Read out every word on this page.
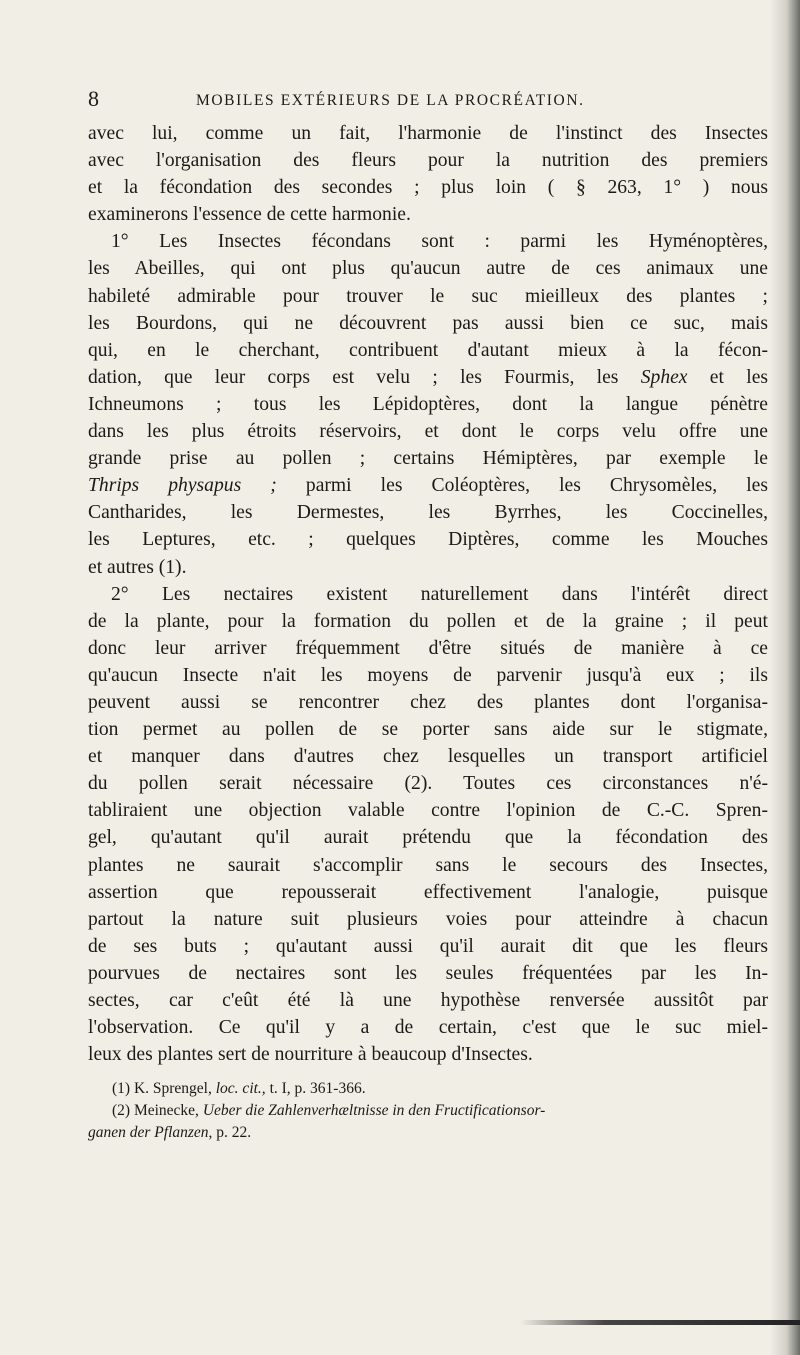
8	MOBILES EXTÉRIEURS DE LA PROCRÉATION.
avec lui, comme un fait, l'harmonie de l'instinct des Insectes
avec l'organisation des fleurs pour la nutrition des premiers
et la fécondation des secondes ; plus loin ( § 263, 1° ) nous
examinerons l'essence de cette harmonie.
1° Les Insectes fécondans sont : parmi les Hyménoptères,
les Abeilles, qui ont plus qu'aucun autre de ces animaux une
habileté admirable pour trouver le suc mieilleux des plantes ;
les Bourdons, qui ne découvrent pas aussi bien ce suc, mais
qui, en le cherchant, contribuent d'autant mieux à la fécon-
dation, que leur corps est velu ; les Fourmis, les Sphex et les
Ichneumons ; tous les Lépidoptères, dont la langue pénètre
dans les plus étroits réservoirs, et dont le corps velu offre une
grande prise au pollen ; certains Hémiptères, par exemple le
Thrips physapus ; parmi les Coléoptères, les Chrysomèles, les
Cantharides, les Dermestes, les Byrrhes, les Coccinelles,
les Leptures, etc. ; quelques Diptères, comme les Mouches
et autres (1).
2° Les nectaires existent naturellement dans l'intérêt direct
de la plante, pour la formation du pollen et de la graine ; il peut
donc leur arriver fréquemment d'être situés de manière à ce
qu'aucun Insecte n'ait les moyens de parvenir jusqu'à eux ; ils
peuvent aussi se rencontrer chez des plantes dont l'organisa-
tion permet au pollen de se porter sans aide sur le stigmate,
et manquer dans d'autres chez lesquelles un transport artificiel
du pollen serait nécessaire (2). Toutes ces circonstances n'é-
tabliraient une objection valable contre l'opinion de C.-C. Spren-
gel, qu'autant qu'il aurait prétendu que la fécondation des
plantes ne saurait s'accomplir sans le secours des Insectes,
assertion que repousserait effectivement l'analogie, puisque
partout la nature suit plusieurs voies pour atteindre à chacun
de ses buts ; qu'autant aussi qu'il aurait dit que les fleurs
pourvues de nectaires sont les seules fréquentées par les In-
sectes, car c'eût été là une hypothèse renversée aussitôt par
l'observation. Ce qu'il y a de certain, c'est que le suc miel-
leux des plantes sert de nourriture à beaucoup d'Insectes.

(1) K. Sprengel, loc. cit., t. I, p. 361-366.

(2) Meinecke, Ueber die Zahlenverhæltnisse in den Fructificationsor-
ganen der Pflanzen, p. 22.
